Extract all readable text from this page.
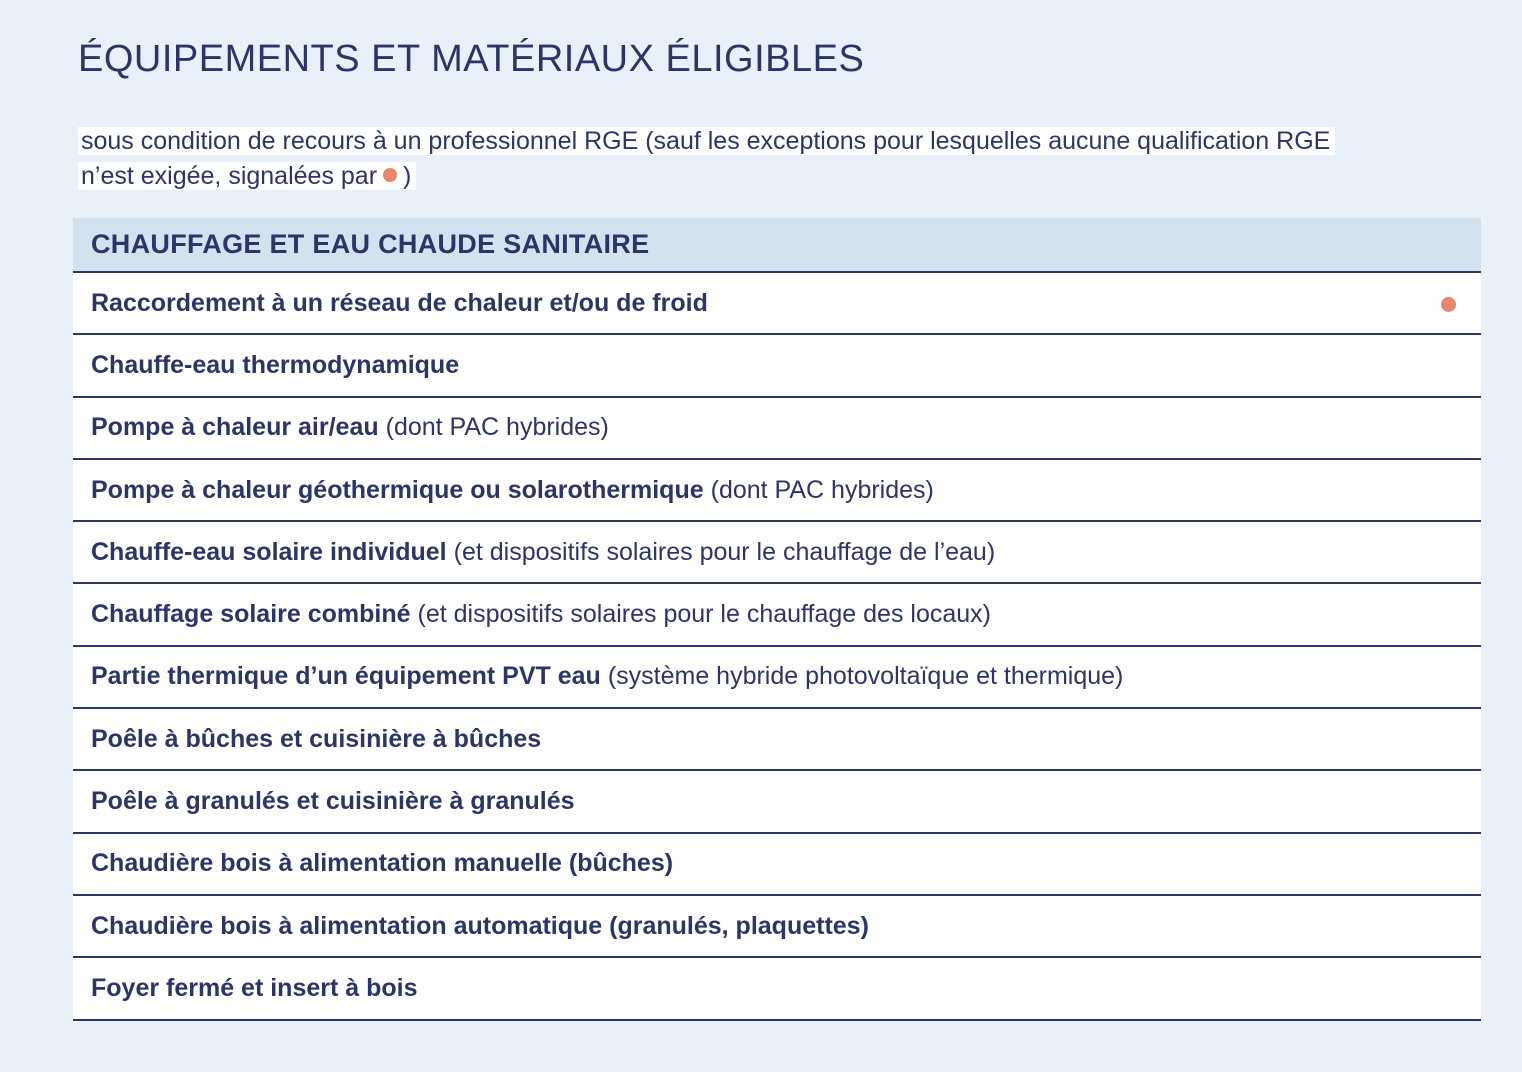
ÉQUIPEMENTS ET MATÉRIAUX ÉLIGIBLES
sous condition de recours à un professionnel RGE (sauf les exceptions pour lesquelles aucune qualification RGE
n’est exigée, signalées par )
CHAUFFAGE ET EAU CHAUDE SANITAIRE
Raccordement à un réseau de chaleur et/ou de froid
Chauffe-eau thermodynamique
Pompe à chaleur air/eau (dont PAC hybrides)
Pompe à chaleur géothermique ou solarothermique (dont PAC hybrides)
Chauffe-eau solaire individuel (et dispositifs solaires pour le chauffage de l’eau)
Chauffage solaire combiné (et dispositifs solaires pour le chauffage des locaux)
Partie thermique d’un équipement PVT eau (système hybride photovoltaïque et thermique)
Poêle à bûches et cuisinière à bûches
Poêle à granulés et cuisinière à granulés
Chaudière bois à alimentation manuelle (bûches)
Chaudière bois à alimentation automatique (granulés, plaquettes)
Foyer fermé et insert à bois
